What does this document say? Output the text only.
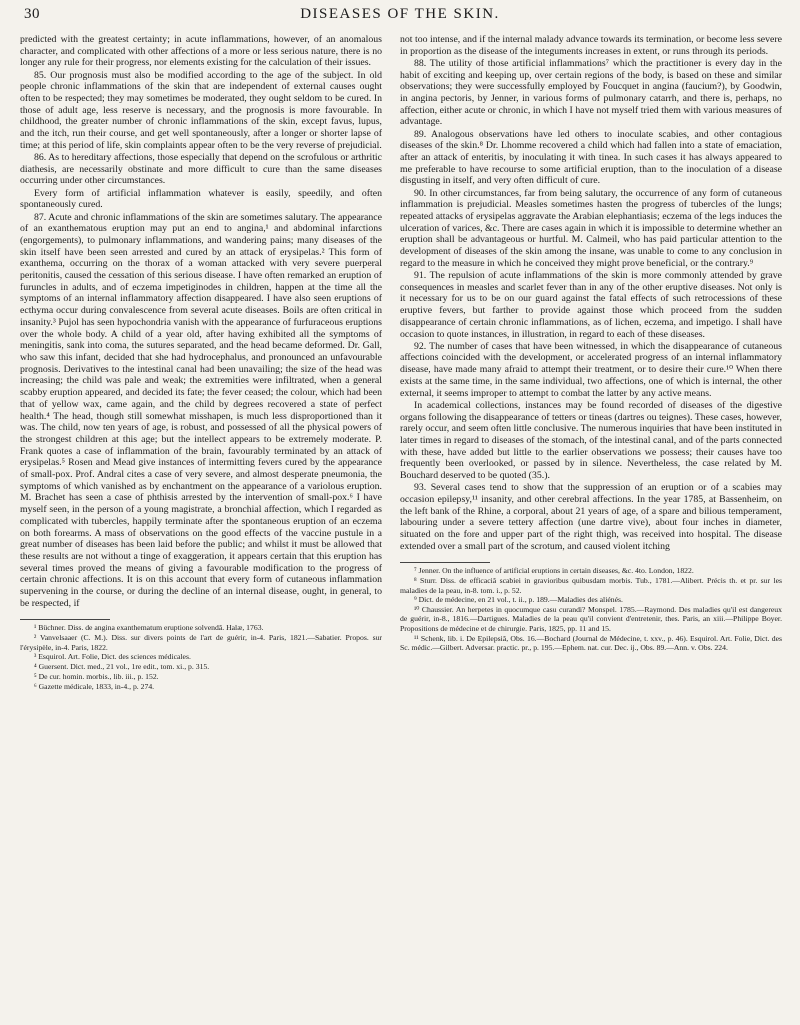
30	DISEASES OF THE SKIN.

predicted with the greatest certainty; in acute inflammations, however, of an anomalous character, and complicated with other affections of a more or less serious nature, there is no longer any rule for their progress, nor elements existing for the calculation of their issues.

85. Our prognosis must also be modified according to the age of the subject. In old people chronic inflammations of the skin that are independent of external causes ought often to be respected; they may sometimes be moderated, they ought seldom to be cured. In those of adult age, less reserve is necessary, and the prognosis is more favourable. In childhood, the greater number of chronic inflammations of the skin, except favus, lupus, and the itch, run their course, and get well spontaneously, after a longer or shorter lapse of time; at this period of life, skin complaints appear often to be the very reverse of prejudicial.

86. As to hereditary affections, those especially that depend on the scrofulous or arthritic diathesis, are necessarily obstinate and more difficult to cure than the same diseases occurring under other circumstances.

Every form of artificial inflammation whatever is easily, speedily, and often spontaneously cured.

87. Acute and chronic inflammations of the skin are sometimes salutary. The appearance of an exanthematous eruption may put an end to angina,¹ and abdominal infarctions (engorgements), to pulmonary inflammations, and wandering pains; many diseases of the skin itself have been seen arrested and cured by an attack of erysipelas.² This form of exanthema, occurring on the thorax of a woman attacked with very severe puerperal peritonitis, caused the cessation of this serious disease. I have often remarked an eruption of furuncles in adults, and of eczema impetiginodes in children, happen at the time all the symptoms of an internal inflammatory affection disappeared. I have also seen eruptions of ecthyma occur during convalescence from several acute diseases. Boils are often critical in insanity.³ Pujol has seen hypochondria vanish with the appearance of furfuraceous eruptions over the whole body. A child of a year old, after having exhibited all the symptoms of meningitis, sank into coma, the sutures separated, and the head became deformed. Dr. Gall, who saw this infant, decided that she had hydrocephalus, and pronounced an unfavourable prognosis. Derivatives to the intestinal canal had been unavailing; the size of the head was increasing; the child was pale and weak; the extremities were infiltrated, when a general scabby eruption appeared, and decided its fate; the fever ceased; the colour, which had been that of yellow wax, came again, and the child by degrees recovered a state of perfect health.⁴ The head, though still somewhat misshapen, is much less disproportioned than it was. The child, now ten years of age, is robust, and possessed of all the physical powers of the strongest children at this age; but the intellect appears to be extremely moderate. P. Frank quotes a case of inflammation of the brain, favourably terminated by an attack of erysipelas.⁵ Rosen and Mead give instances of intermitting fevers cured by the appearance of small-pox. Prof. Andral cites a case of very severe, and almost desperate pneumonia, the symptoms of which vanished as by enchantment on the appearance of a variolous eruption. M. Brachet has seen a case of phthisis arrested by the intervention of small-pox.⁶ I have myself seen, in the person of a young magistrate, a bronchial affection, which I regarded as complicated with tubercles, happily terminate after the spontaneous eruption of an eczema on both forearms. A mass of observations on the good effects of the vaccine pustule in a great number of diseases has been laid before the public; and whilst it must be allowed that these results are not without a tinge of exaggeration, it appears certain that this eruption has several times proved the means of giving a favourable modification to the progress of certain chronic affections. It is on this account that every form of cutaneous inflammation supervening in the course, or during the decline of an internal disease, ought, in general, to be respected, if

¹ Büchner. Diss. de angina exanthematum eruptione solvendâ. Halæ, 1763.

² Vanvelsaaer (C. M.). Diss. sur divers points de l'art de guérir, in-4. Paris, 1821.—Sabatier. Propos. sur l'érysipèle, in-4. Paris, 1822.

³ Esquirol. Art. Folie, Dict. des sciences médicales.

⁴ Guersent. Dict. med., 21 vol., 1re edit., tom. xi., p. 315.

⁵ De cur. homin. morbis., lib. iii., p. 152.

⁶ Gazette médicale, 1833, in-4., p. 274.

not too intense, and if the internal malady advance towards its termination, or become less severe in proportion as the disease of the integuments increases in extent, or runs through its periods.

88. The utility of those artificial inflammations⁷ which the practitioner is every day in the habit of exciting and keeping up, over certain regions of the body, is based on these and similar observations; they were successfully employed by Foucquet in angina (faucium?), by Goodwin, in angina pectoris, by Jenner, in various forms of pulmonary catarrh, and there is, perhaps, no affection, either acute or chronic, in which I have not myself tried them with various measures of advantage.

89. Analogous observations have led others to inoculate scabies, and other contagious diseases of the skin.⁸ Dr. Lhomme recovered a child which had fallen into a state of emaciation, after an attack of enteritis, by inoculating it with tinea. In such cases it has always appeared to me preferable to have recourse to some artificial eruption, than to the inoculation of a disease disgusting in itself, and very often difficult of cure.

90. In other circumstances, far from being salutary, the occurrence of any form of cutaneous inflammation is prejudicial. Measles sometimes hasten the progress of tubercles of the lungs; repeated attacks of erysipelas aggravate the Arabian elephantiasis; eczema of the legs induces the ulceration of varices, &c. There are cases again in which it is impossible to determine whether an eruption shall be advantageous or hurtful. M. Calmeil, who has paid particular attention to the development of diseases of the skin among the insane, was unable to come to any conclusion in regard to the measure in which he conceived they might prove beneficial, or the contrary.⁹

91. The repulsion of acute inflammations of the skin is more commonly attended by grave consequences in measles and scarlet fever than in any of the other eruptive diseases. Not only is it necessary for us to be on our guard against the fatal effects of such retrocessions of these eruptive fevers, but farther to provide against those which proceed from the sudden disappearance of certain chronic inflammations, as of lichen, eczema, and impetigo. I shall have occasion to quote instances, in illustration, in regard to each of these diseases.

92. The number of cases that have been witnessed, in which the disappearance of cutaneous affections coincided with the development, or accelerated progress of an internal inflammatory disease, have made many afraid to attempt their treatment, or to desire their cure.¹⁰ When there exists at the same time, in the same individual, two affections, one of which is internal, the other external, it seems improper to attempt to combat the latter by any active means.

In academical collections, instances may be found recorded of diseases of the digestive organs following the disappearance of tetters or tineas (dartres ou teignes). These cases, however, rarely occur, and seem often little conclusive. The numerous inquiries that have been instituted in later times in regard to diseases of the stomach, of the intestinal canal, and of the parts connected with these, have added but little to the earlier observations we possess; their causes have too frequently been overlooked, or passed by in silence. Nevertheless, the case related by M. Bouchard deserved to be quoted (35.).

93. Several cases tend to show that the suppression of an eruption or of a scabies may occasion epilepsy,¹¹ insanity, and other cerebral affections. In the year 1785, at Bassenheim, on the left bank of the Rhine, a corporal, about 21 years of age, of a spare and bilious temperament, labouring under a severe tettery affection (une dartre vive), about four inches in diameter, situated on the fore and upper part of the right thigh, was received into hospital. The disease extended over a small part of the scrotum, and caused violent itching

⁷ Jenner. On the influence of artificial eruptions in certain diseases, &c. 4to. London, 1822.

⁸ Sturr. Diss. de efficaciâ scabiei in gravioribus quibusdam morbis. Tub., 1781.—Alibert. Précis th. et pr. sur les maladies de la peau, in-8. tom. i., p. 52.

⁹ Dict. de médecine, en 21 vol., t. ii., p. 189.—Maladies des aliénés.

¹⁰ Chaussier. An herpetes in quocumque casu curandi? Monspel. 1785.—Raymond. Des maladies qu'il est dangereux de guérir, in-8., 1816.—Dartigues. Maladies de la peau qu'il convient d'entretenir, thes. Paris, an xiii.—Philippe Boyer. Propositions de médecine et de chirurgie. Paris, 1825, pp. 11 and 15.

¹¹ Schenk, lib. i. De Epilepsiâ, Obs. 16.—Bochard (Journal de Médecine, t. xxv., p. 46). Esquirol. Art. Folie, Dict. des Sc. médic.—Gilbert. Adversar. practic. pr., p. 195.—Ephem. nat. cur. Dec. ij., Obs. 89.—Ann. v. Obs. 224.
